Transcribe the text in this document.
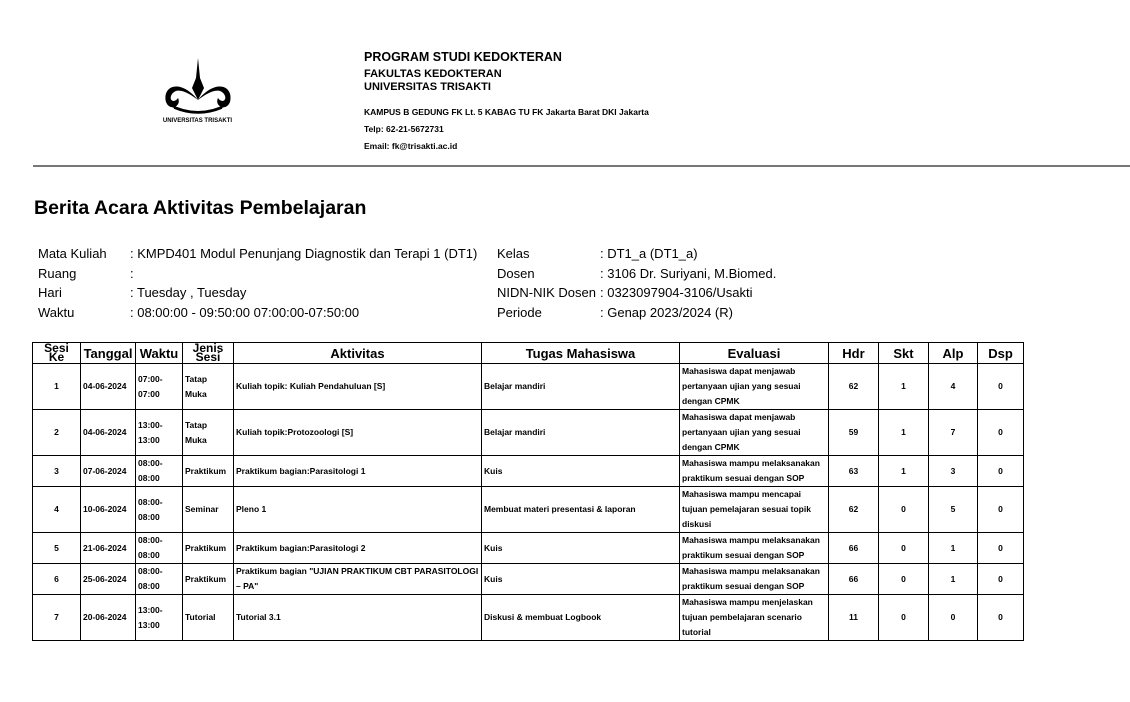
UNIVERSITAS TRISAKTI
PROGRAM STUDI KEDOKTERAN
FAKULTAS KEDOKTERAN
UNIVERSITAS TRISAKTI
KAMPUS B GEDUNG FK Lt. 5 KABAG TU FK Jakarta Barat DKI Jakarta
Telp: 62-21-5672731
Email: fk@trisakti.ac.id
Berita Acara Aktivitas Pembelajaran
Mata Kuliah	: KMPD401 Modul Penunjang Diagnostik dan Terapi 1 (DT1)
Ruang	:
Hari	: Tuesday , Tuesday
Waktu	: 08:00:00 - 09:50:00 07:00:00-07:50:00
Kelas	: DT1_a (DT1_a)
Dosen	: 3106 Dr. Suriyani, M.Biomed.
NIDN-NIK Dosen : 0323097904-3106/Usakti
Periode	: Genap 2023/2024 (R)
Sesi Ke	Tanggal	Waktu	Jenis Sesi	Aktivitas	Tugas Mahasiswa	Evaluasi	Hdr	Skt	Alp	Dsp
1	04-06-2024	07:00-07:00	Tatap Muka	Kuliah topik: Kuliah Pendahuluan [S]	Belajar mandiri	Mahasiswa dapat menjawab pertanyaan ujian yang sesuai dengan CPMK	62	1	4	0
2	04-06-2024	13:00-13:00	Tatap Muka	Kuliah topik:Protozoologi [S]	Belajar mandiri	Mahasiswa dapat menjawab pertanyaan ujian yang sesuai dengan CPMK	59	1	7	0
3	07-06-2024	08:00-08:00	Praktikum	Praktikum bagian:Parasitologi 1	Kuis	Mahasiswa mampu melaksanakan praktikum sesuai dengan SOP	63	1	3	0
4	10-06-2024	08:00-08:00	Seminar	Pleno 1	Membuat materi presentasi & laporan	Mahasiswa mampu mencapai tujuan pemelajaran sesuai topik diskusi	62	0	5	0
5	21-06-2024	08:00-08:00	Praktikum	Praktikum bagian:Parasitologi 2	Kuis	Mahasiswa mampu melaksanakan praktikum sesuai dengan SOP	66	0	1	0
6	25-06-2024	08:00-08:00	Praktikum	Praktikum bagian "UJIAN PRAKTIKUM CBT PARASITOLOGI – PA"	Kuis	Mahasiswa mampu melaksanakan praktikum sesuai dengan SOP	66	0	1	0
7	20-06-2024	13:00-13:00	Tutorial	Tutorial 3.1	Diskusi & membuat Logbook	Mahasiswa mampu menjelaskan tujuan pembelajaran scenario tutorial	11	0	0	0
